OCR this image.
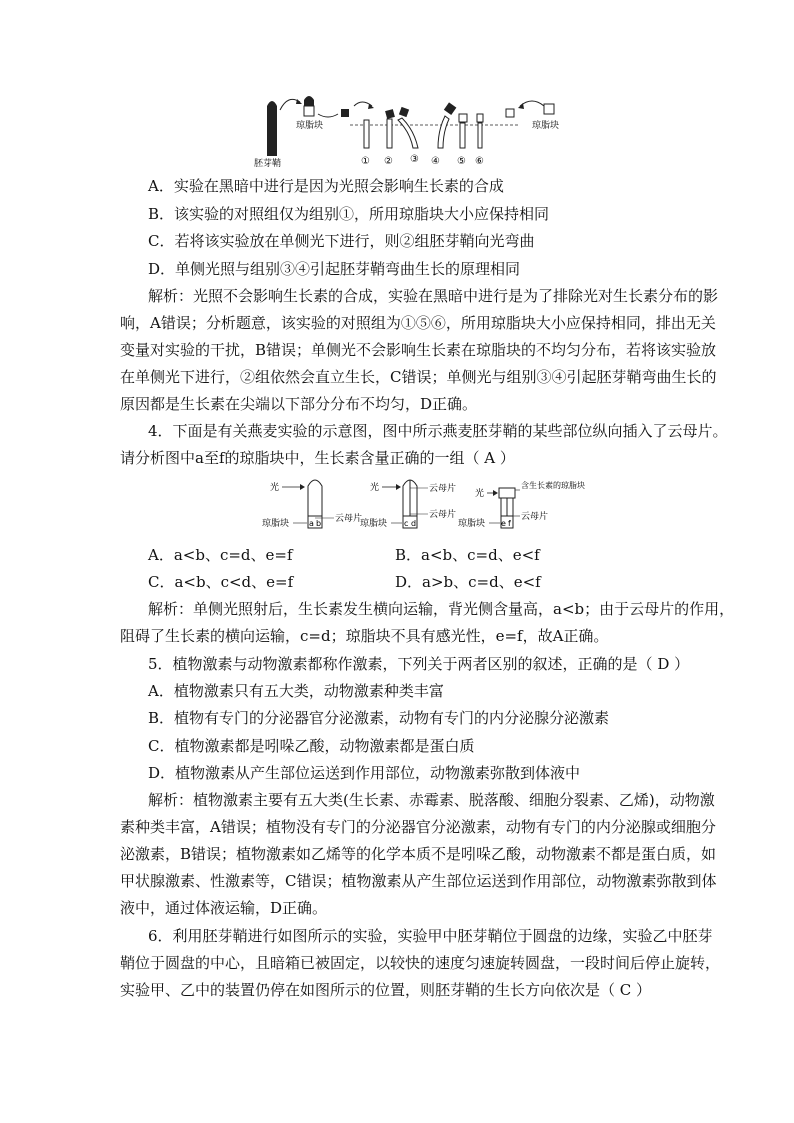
胚芽鞘
琼脂块	琼脂块
① ② ③ ④ ⑤ ⑥
A．实验在黑暗中进行是因为光照会影响生长素的合成
B．该实验的对照组仅为组别①，所用琼脂块大小应保持相同
C．若将该实验放在单侧光下进行，则②组胚芽鞘向光弯曲
D．单侧光照与组别③④引起胚芽鞘弯曲生长的原理相同
解析：光照不会影响生长素的合成，实验在黑暗中进行是为了排除光对生长素分布的影
响，A错误；分析题意，该实验的对照组为①⑤⑥，所用琼脂块大小应保持相同，排出无关
变量对实验的干扰，B错误；单侧光不会影响生长素在琼脂块的不均匀分布，若将该实验放
在单侧光下进行，②组依然会直立生长，C错误；单侧光与组别③④引起胚芽鞘弯曲生长的
原因都是生长素在尖端以下部分分布不均匀，D正确。
4．下面是有关燕麦实验的示意图，图中所示燕麦胚芽鞘的某些部位纵向插入了云母片。
请分析图中a至f的琼脂块中，生长素含量正确的一组（ A ）
光
a b
琼脂块	云母片
光
c d
琼脂块
云母片
云母片
光
e f
琼脂块
含生长素的琼脂块
云母片
A．a<b、c=d、e=f	B．a<b、c=d、e<f
C．a<b、c<d、e=f	D．a>b、c=d、e<f
解析：单侧光照射后，生长素发生横向运输，背光侧含量高，a<b；由于云母片的作用，
阻碍了生长素的横向运输，c=d；琼脂块不具有感光性，e=f，故A正确。
5．植物激素与动物激素都称作激素，下列关于两者区别的叙述，正确的是（ D ）
A．植物激素只有五大类，动物激素种类丰富
B．植物有专门的分泌器官分泌激素，动物有专门的内分泌腺分泌激素
C．植物激素都是吲哚乙酸，动物激素都是蛋白质
D．植物激素从产生部位运送到作用部位，动物激素弥散到体液中
解析：植物激素主要有五大类(生长素、赤霉素、脱落酸、细胞分裂素、乙烯)，动物激
素种类丰富，A错误；植物没有专门的分泌器官分泌激素，动物有专门的内分泌腺或细胞分
泌激素，B错误；植物激素如乙烯等的化学本质不是吲哚乙酸，动物激素不都是蛋白质，如
甲状腺激素、性激素等，C错误；植物激素从产生部位运送到作用部位，动物激素弥散到体
液中，通过体液运输，D正确。
6．利用胚芽鞘进行如图所示的实验，实验甲中胚芽鞘位于圆盘的边缘，实验乙中胚芽
鞘位于圆盘的中心，且暗箱已被固定，以较快的速度匀速旋转圆盘，一段时间后停止旋转，
实验甲、乙中的装置仍停在如图所示的位置，则胚芽鞘的生长方向依次是（ C ）
